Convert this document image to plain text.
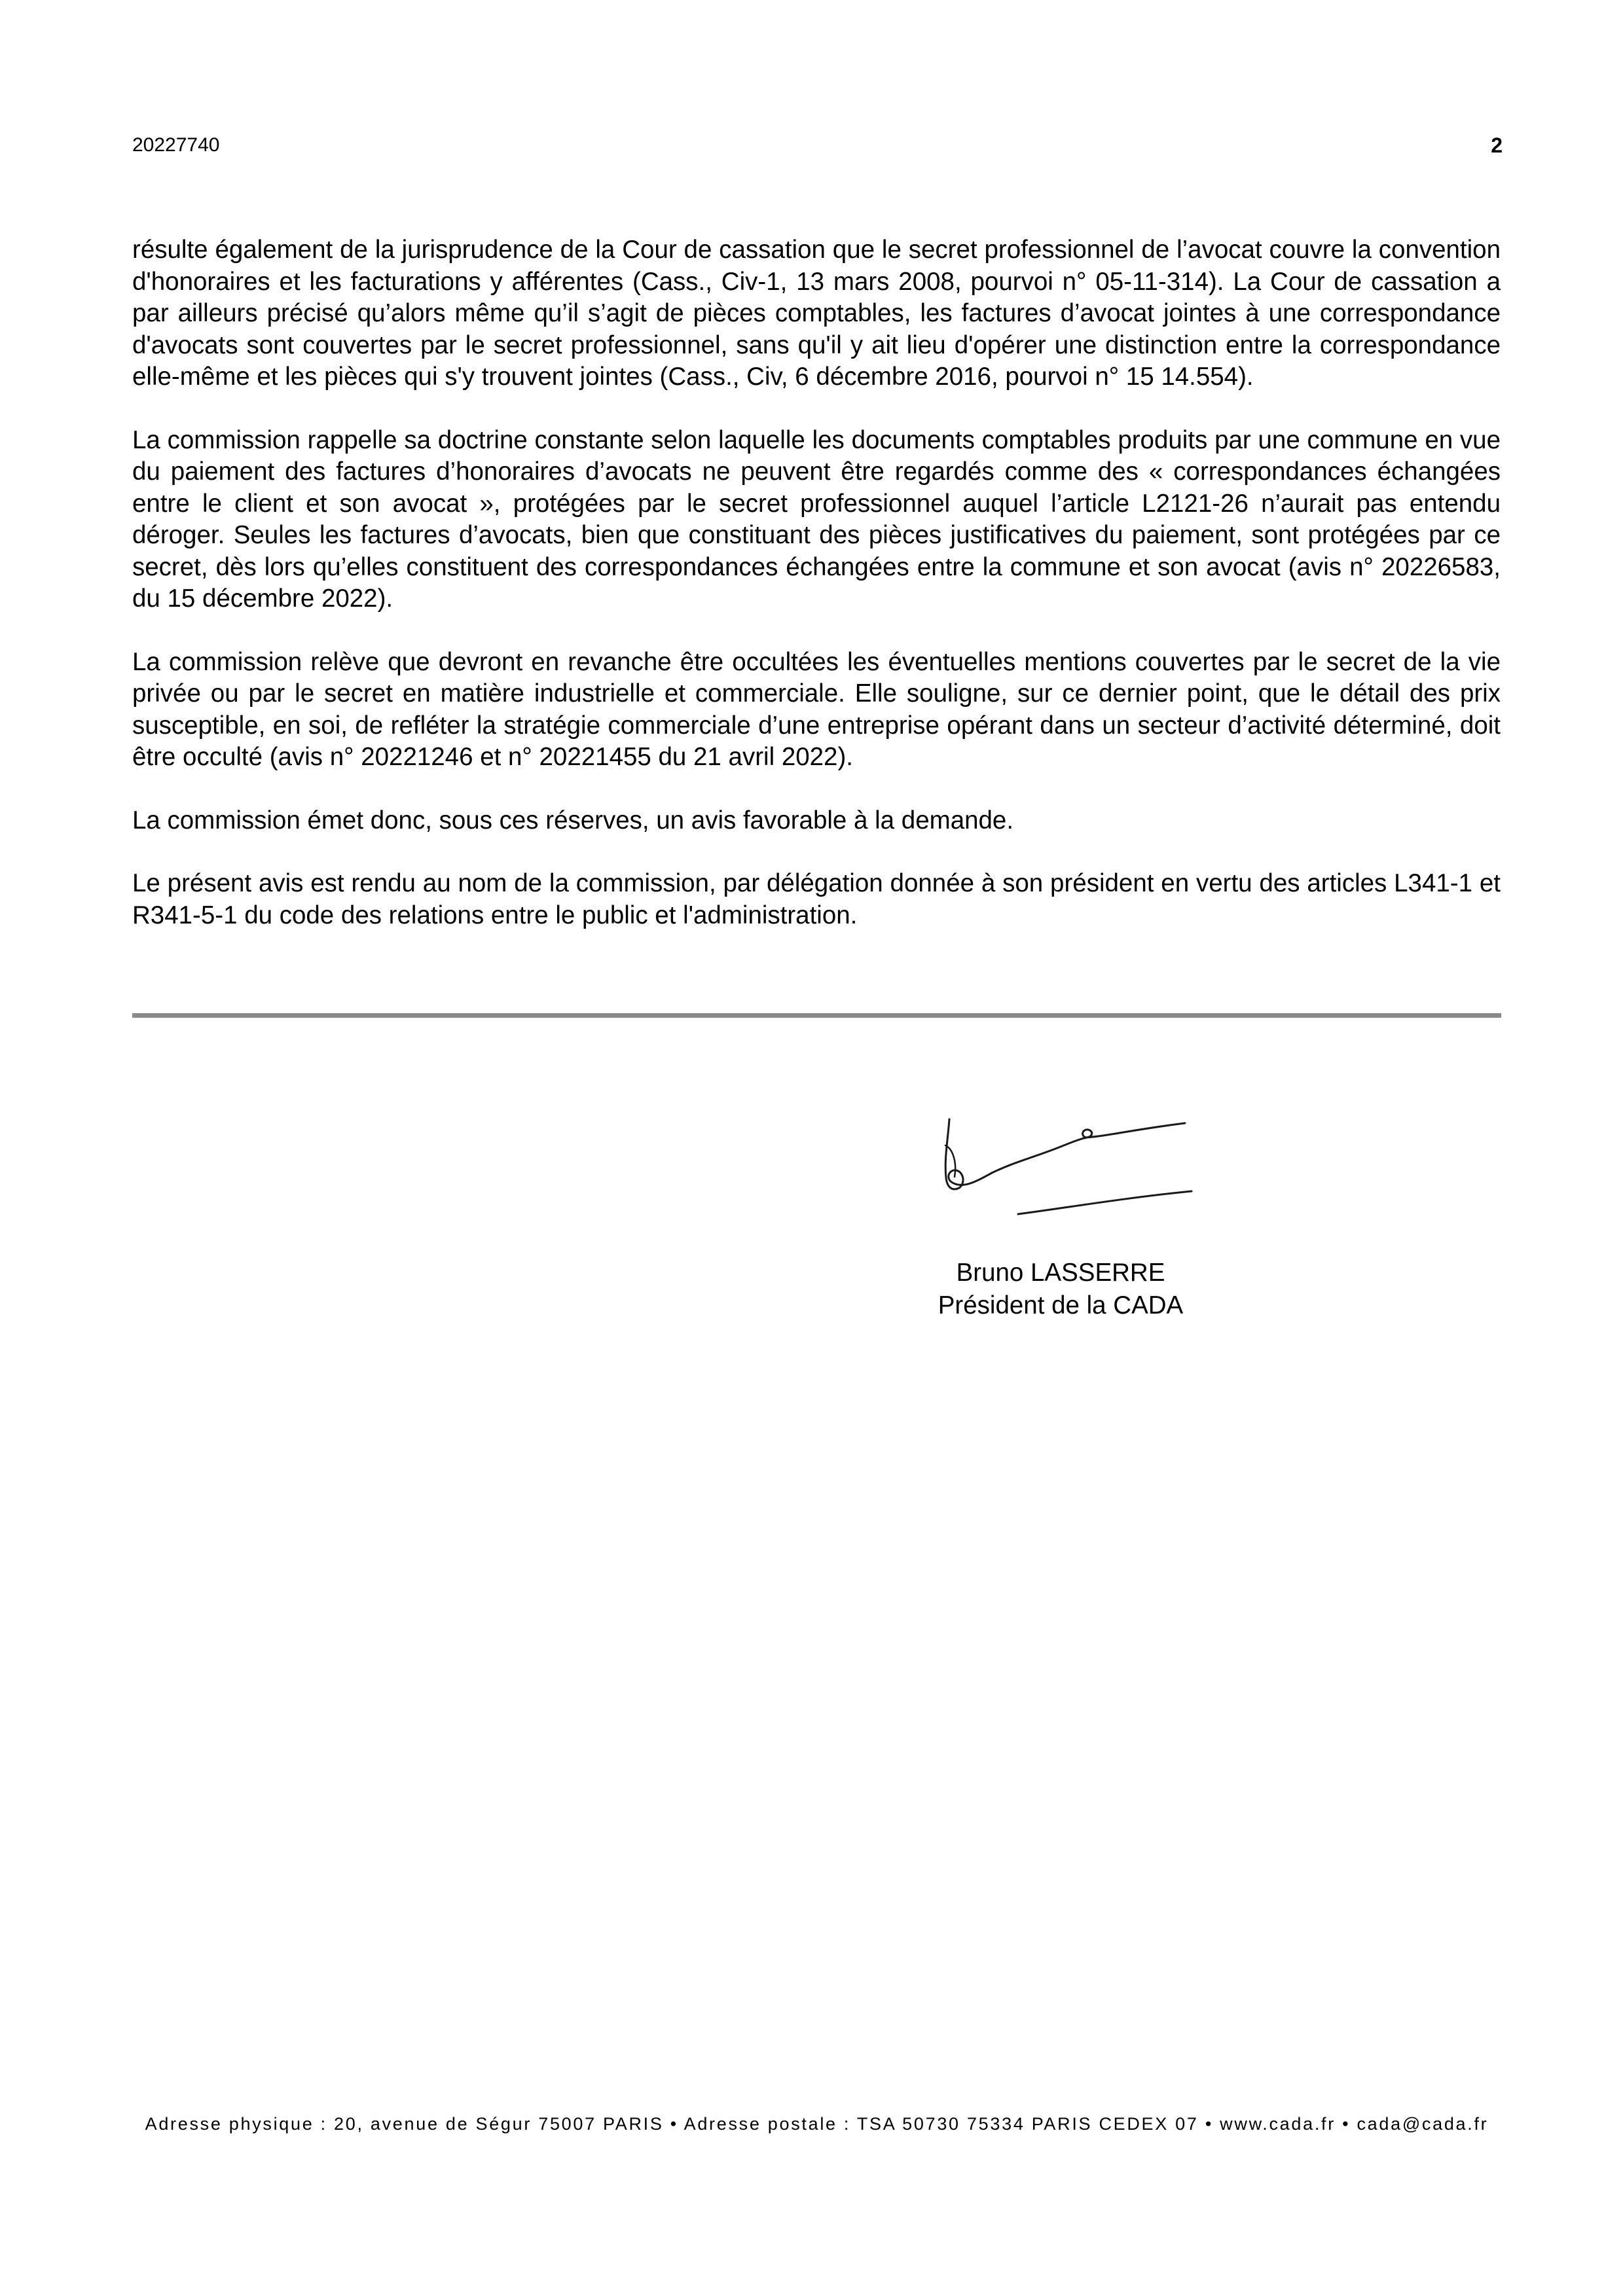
20227740	2

résulte également de la jurisprudence de la Cour de cassation que le secret professionnel de l’avocat couvre la convention d'honoraires et les facturations y afférentes (Cass., Civ-1, 13 mars 2008, pourvoi n° 05-11-314). La Cour de cassation a par ailleurs précisé qu’alors même qu’il s’agit de pièces comptables, les factures d’avocat jointes à une correspondance d'avocats sont couvertes par le secret professionnel, sans qu'il y ait lieu d'opérer une distinction entre la correspondance elle-même et les pièces qui s'y trouvent jointes (Cass., Civ, 6 décembre 2016, pourvoi n° 15 14.554).

La commission rappelle sa doctrine constante selon laquelle les documents comptables produits par une commune en vue du paiement des factures d’honoraires d’avocats ne peuvent être regardés comme des « correspondances échangées entre le client et son avocat », protégées par le secret professionnel auquel l’article L2121-26 n’aurait pas entendu déroger. Seules les factures d’avocats, bien que constituant des pièces justificatives du paiement, sont protégées par ce secret, dès lors qu’elles constituent des correspondances échangées entre la commune et son avocat (avis n° 20226583, du 15 décembre 2022).

La commission relève que devront en revanche être occultées les éventuelles mentions couvertes par le secret de la vie privée ou par le secret en matière industrielle et commerciale. Elle souligne, sur ce dernier point, que le détail des prix susceptible, en soi, de refléter la stratégie commerciale d’une entreprise opérant dans un secteur d’activité déterminé, doit être occulté (avis n° 20221246 et n° 20221455 du 21 avril 2022).

La commission émet donc, sous ces réserves, un avis favorable à la demande.

Le présent avis est rendu au nom de la commission, par délégation donnée à son président en vertu des articles L341-1 et R341-5-1 du code des relations entre le public et l'administration.

Bruno LASSERRE
Président de la CADA
Adresse physique : 20, avenue de Ségur 75007 PARIS • Adresse postale : TSA 50730 75334 PARIS CEDEX 07 • www.cada.fr • cada@cada.fr
